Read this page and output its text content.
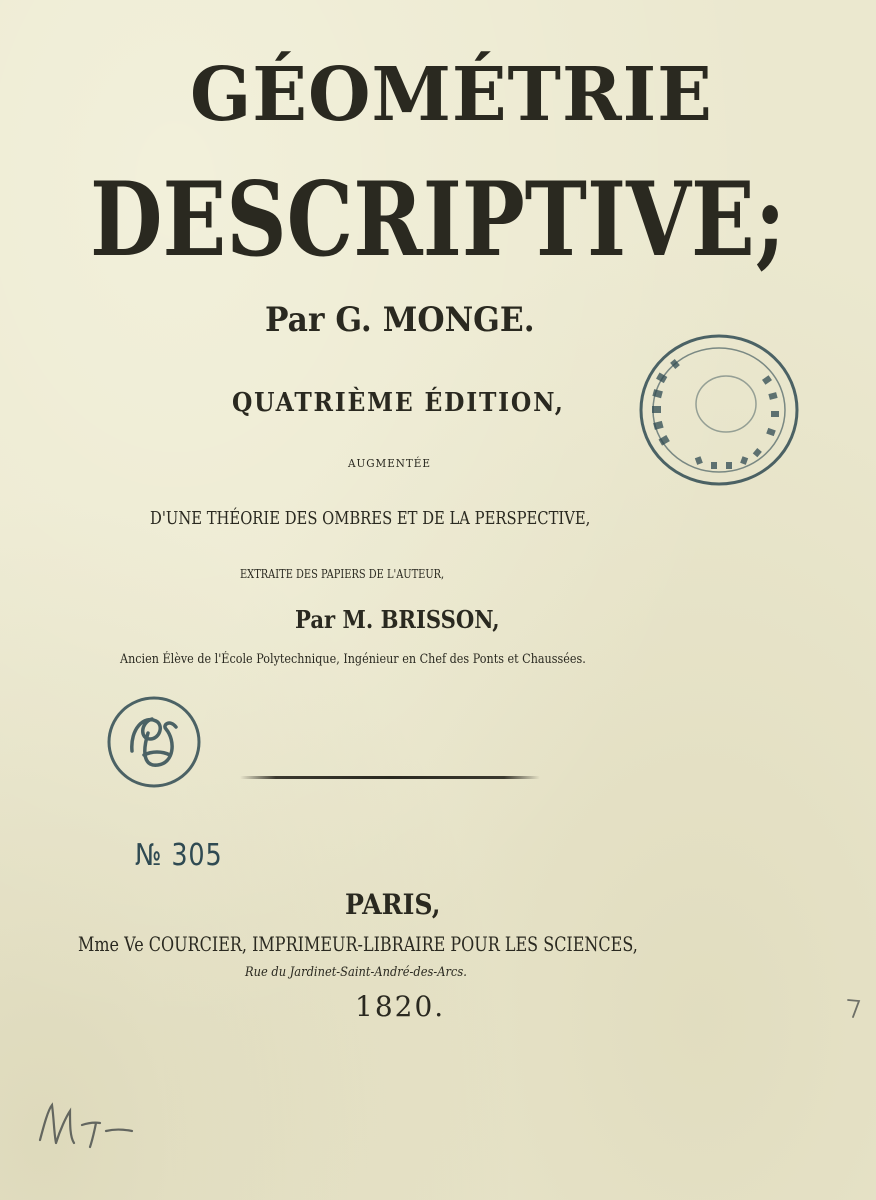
GÉOMÉTRIE
DESCRIPTIVE;
Par G. MONGE.
QUATRIÈME ÉDITION,
AUGMENTÉE
D'UNE THÉORIE DES OMBRES ET DE LA PERSPECTIVE,
EXTRAITE DES PAPIERS DE L'AUTEUR,
Par M. BRISSON,
Ancien Élève de l'École Polytechnique, Ingénieur en Chef des Ponts et Chaussées.
№ 305
PARIS,
Mme Ve COURCIER, IMPRIMEUR-LIBRAIRE POUR LES SCIENCES,
Rue du Jardinet-Saint-André-des-Arcs.
1820.
